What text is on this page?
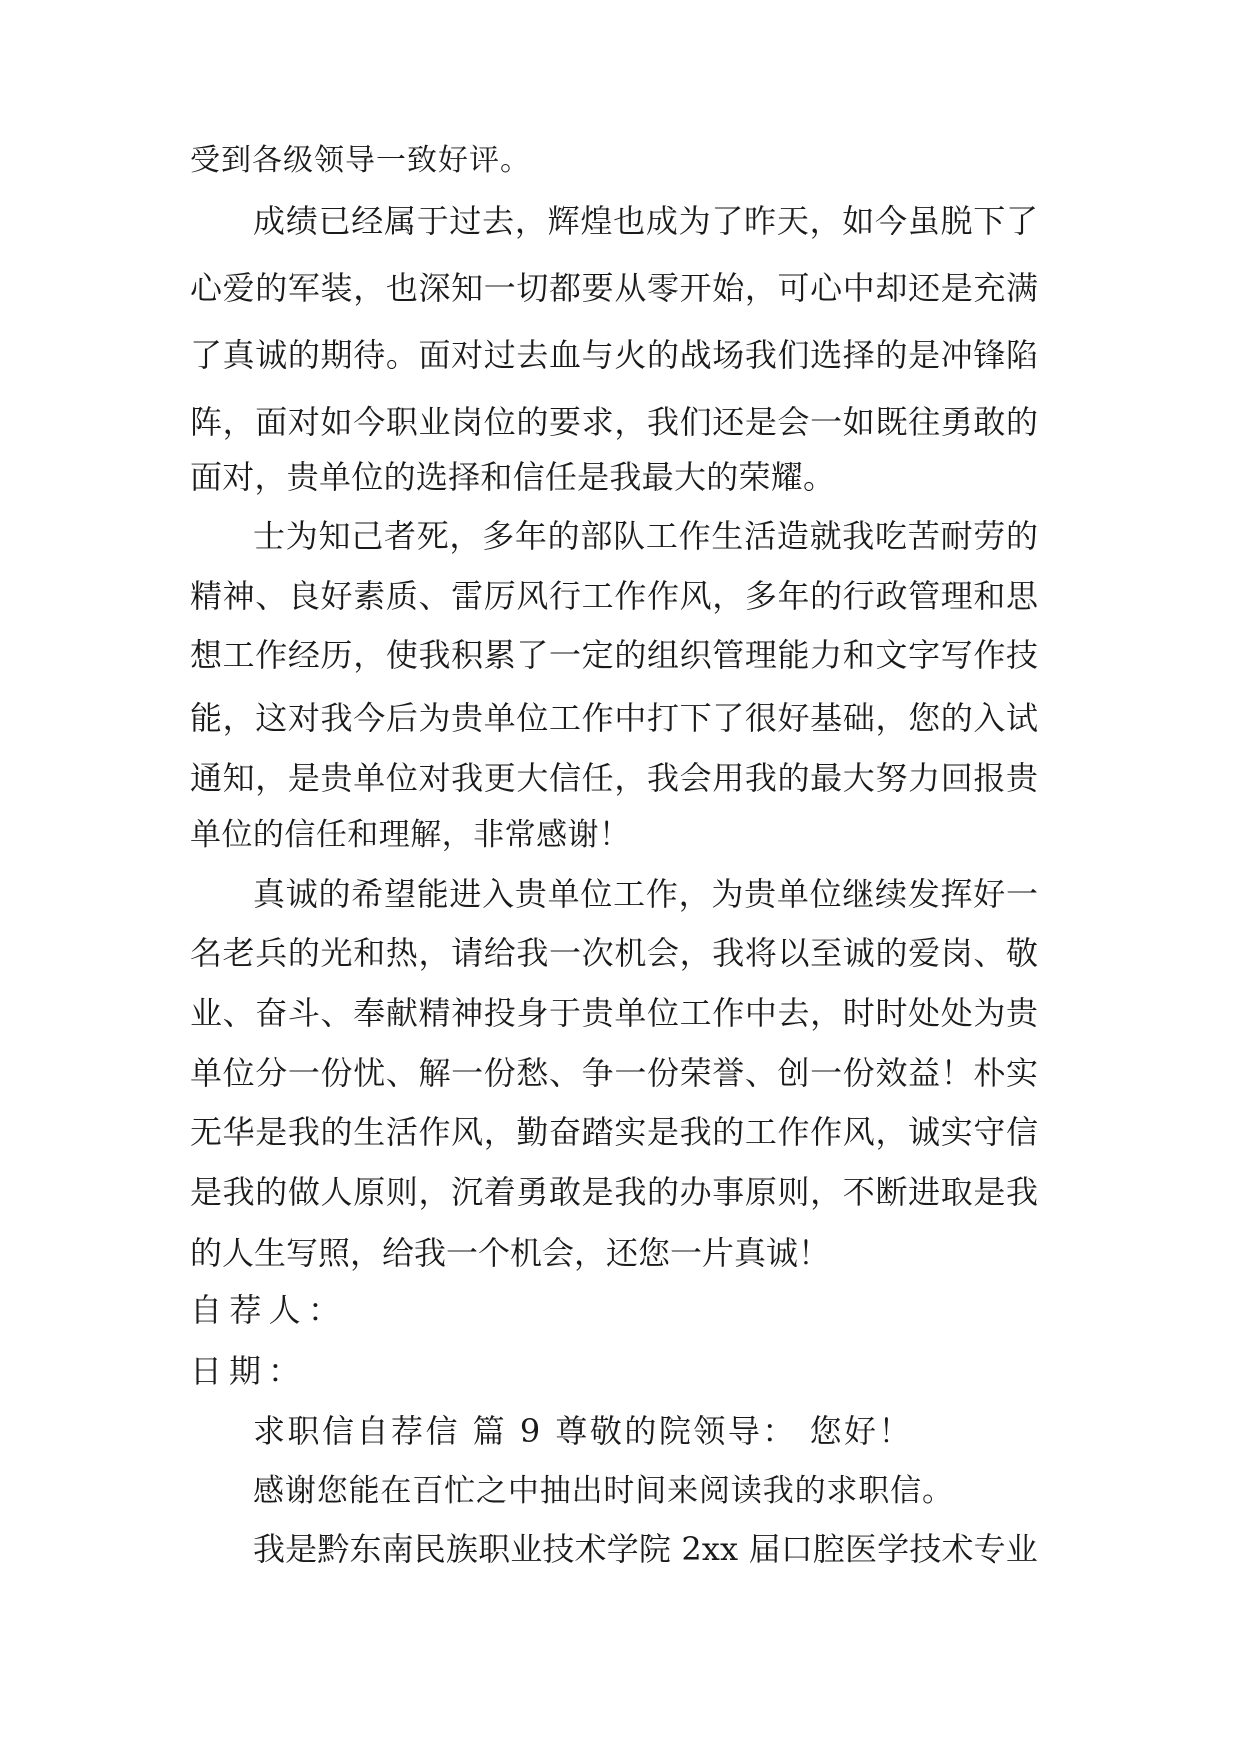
受到各级领导一致好评。

成绩已经属于过去，辉煌也成为了昨天，如今虽脱下了

心爱的军装，也深知一切都要从零开始，可心中却还是充满

了真诚的期待。面对过去血与火的战场我们选择的是冲锋陷

阵，面对如今职业岗位的要求，我们还是会一如既往勇敢的

面对，贵单位的选择和信任是我最大的荣耀。

士为知己者死，多年的部队工作生活造就我吃苦耐劳的

精神、良好素质、雷厉风行工作作风，多年的行政管理和思

想工作经历，使我积累了一定的组织管理能力和文字写作技

能，这对我今后为贵单位工作中打下了很好基础，您的入试

通知，是贵单位对我更大信任，我会用我的最大努力回报贵

单位的信任和理解，非常感谢！

真诚的希望能进入贵单位工作，为贵单位继续发挥好一

名老兵的光和热，请给我一次机会，我将以至诚的爱岗、敬

业、奋斗、奉献精神投身于贵单位工作中去，时时处处为贵

单位分一份忧、解一份愁、争一份荣誉、创一份效益！朴实

无华是我的生活作风，勤奋踏实是我的工作作风，诚实守信

是我的做人原则，沉着勇敢是我的办事原则，不断进取是我

的人生写照，给我一个机会，还您一片真诚！

自荐人：

日期：

求职信自荐信 篇 9 尊敬的院领导： 您好！

感谢您能在百忙之中抽出时间来阅读我的求职信。

我是黔东南民族职业技术学院 2xx 届口腔医学技术专业
